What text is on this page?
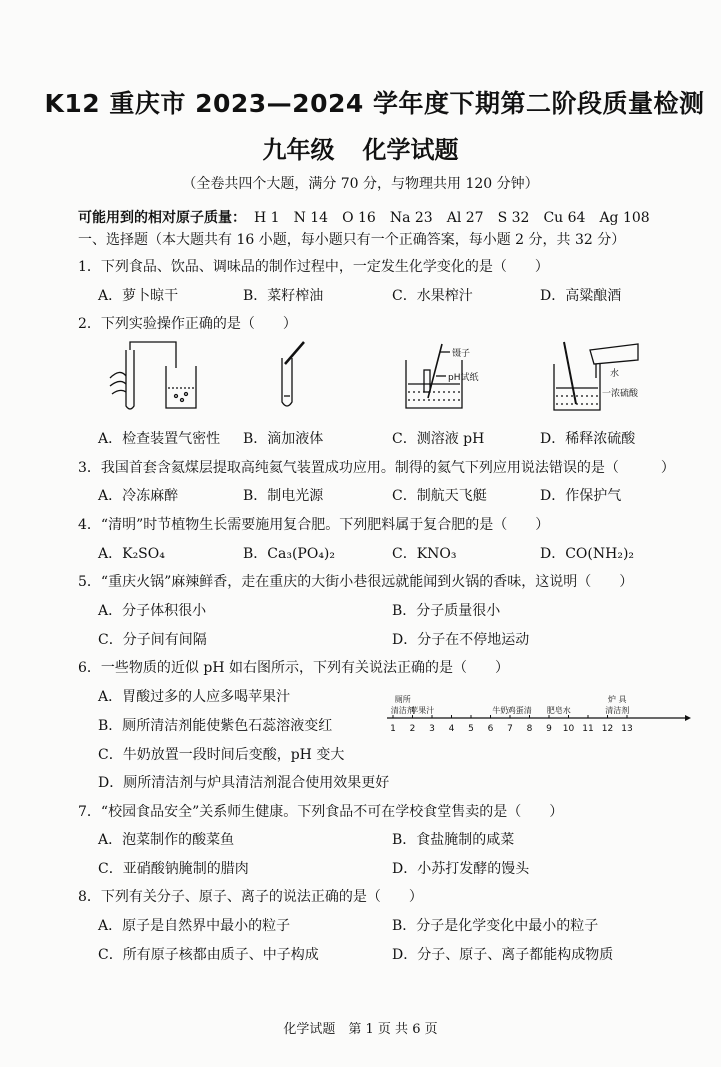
K12 重庆市 2023—2024 学年度下期第二阶段质量检测
九年级 化学试题
（全卷共四个大题，满分 70 分，与物理共用 120 分钟）
可能用到的相对原子质量： H 1 N 14 O 16 Na 23 Al 27 S 32 Cu 64 Ag 108
一、选择题（本大题共有 16 小题，每小题只有一个正确答案，每小题 2 分，共 32 分）
1．下列食品、饮品、调味品的制作过程中，一定发生化学变化的是（　　）
A．萝卜晾干	B．菜籽榨油	C．水果榨汁	D．高粱酿酒
2．下列实验操作正确的是（　　）
镊子
pH试纸	水
一浓硫酸
A．检查装置气密性 B．滴加液体	C．测溶液 pH	D．稀释浓硫酸
3．我国首套含氦煤层提取高纯氦气装置成功应用。制得的氦气下列应用说法错误的是（　　　）
A．冷冻麻醉	B．制电光源	C．制航天飞艇	D．作保护气
4．“清明”时节植物生长需要施用复合肥。下列肥料属于复合肥的是（　　）
A．K₂SO₄	B．Ca₃(PO₄)₂	C．KNO₃	D．CO(NH₂)₂
5．“重庆火锅”麻辣鲜香，走在重庆的大街小巷很远就能闻到火锅的香味，这说明（　　）
A．分子体积很小	B．分子质量很小
C．分子间有间隔	D．分子在不停地运动
6．一些物质的近似 pH 如右图所示，下列有关说法正确的是（　　）
A．胃酸过多的人应多喝苹果汁
B．厕所清洁剂能使紫色石蕊溶液变红
C．牛奶放置一段时间后变酸，pH 变大
D．厕所清洁剂与炉具清洁剂混合使用效果更好
1 2 3 4 5 6 7 8 9 10 11 12 13
厕所
清洁剂
苹果汁	牛奶 鸡蛋清 肥皂水
炉 具
清洁剂
7．“校园食品安全”关系师生健康。下列食品不可在学校食堂售卖的是（　　）
A．泡菜制作的酸菜鱼	B．食盐腌制的咸菜
C．亚硝酸钠腌制的腊肉	D．小苏打发酵的馒头
8．下列有关分子、原子、离子的说法正确的是（　　）
A．原子是自然界中最小的粒子	B．分子是化学变化中最小的粒子
C．所有原子核都由质子、中子构成	D．分子、原子、离子都能构成物质
化学试题　第 1 页 共 6 页
